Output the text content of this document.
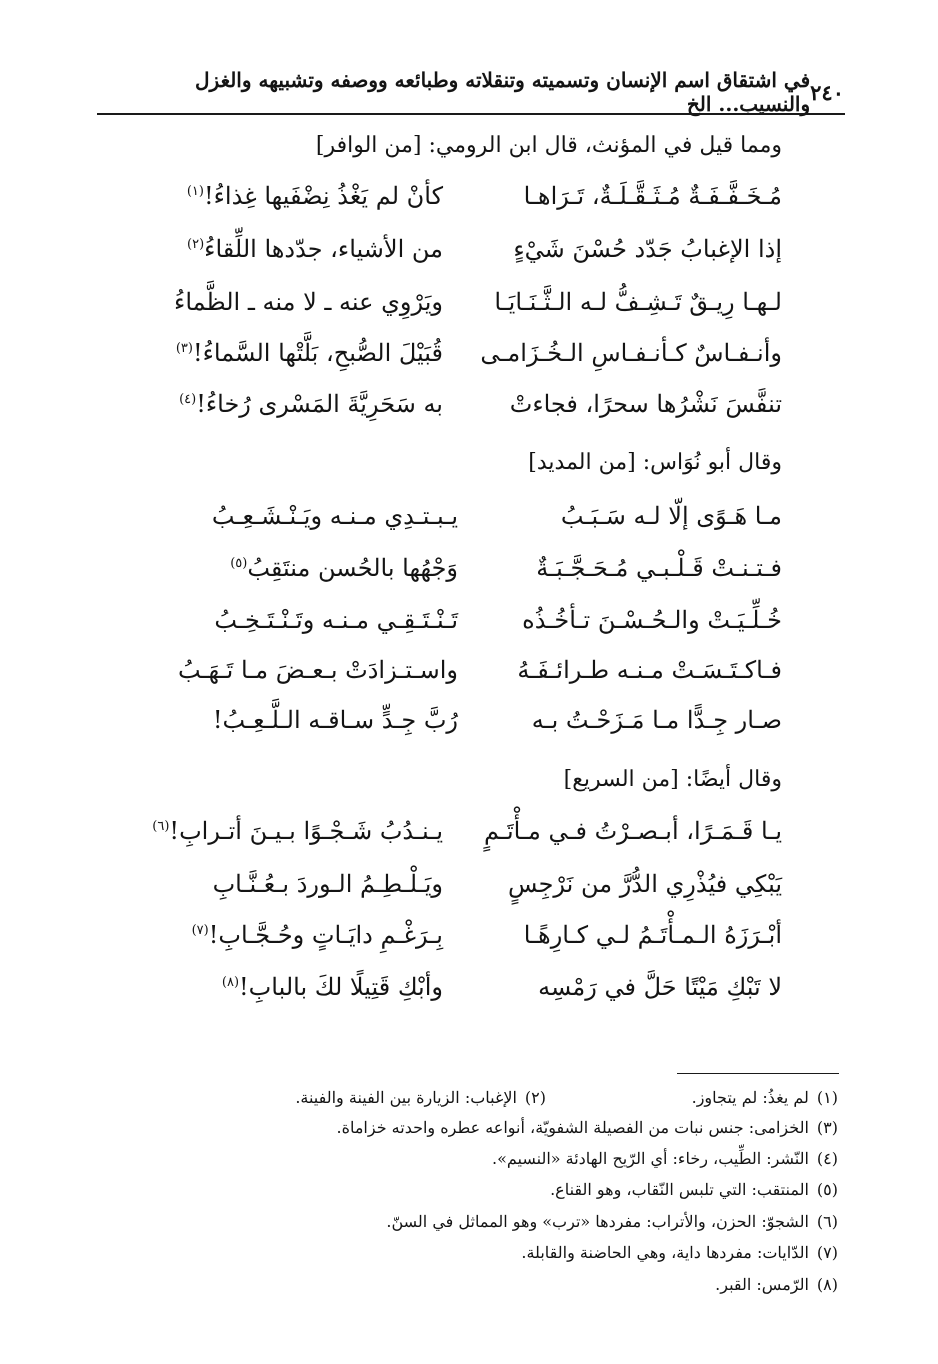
٢٤٠
في اشتقاق اسم الإنسان وتسميته وتنقلاته وطبائعه ووصفه وتشبيهه والغزل والنسيب... الخ
ومما قيل في المؤنث، قال ابن الرومي: [من الوافر]
مُـخَـفَّـفَـةٌ مُـثَـقَّـلَـةٌ، تَـرَاهـا
كأنْ لم يَغْذُ نِضْفَيها غِذاءُ!$^{(١)}$
إذا الإغبابُ جَدّد حُسْنَ شَيْءٍ
من الأشياء، جدّدها اللِّقاءُ$^{(٢)}$
لـهـا رِيـقٌ تَـشِـفُّ لـه الـثَّـنَـايَـا
ويَرْوِي عنه ـ لا منه ـ الظَّماءُ
وأنـفـاسٌ كـأنـفـاسِ الـخُـزَامـى
قُبَيْلَ الصُّبحِ، بَلَّتْها السَّماءُ!$^{(٣)}$
تنفَّسَ نَشْرُها سحرًا، فجاءتْ
به سَحَرِيَّةَ المَسْرى رُخاءُ!$^{(٤)}$
وقال أبو نُوَاس: [من المديد]
مـا هَـوًى إلّا لـه سَـبَـبُ
يـبـتـدِي مـنـه ويَـنْـشَـعِـبُ
فـتـنـتْ قَـلْـبـي مُـحَـجَّـبَـةٌ
وَجْهُها بالحُسن منتَقِبُ$^{(٥)}$
خُـلِّـيَـتْ والـحُـسْـنَ تـأخُـذُه
تَـنْـتَـقِـي مـنـه وتَـنْـتَـخِـبُ
فـاكـتَـسَـتْ مـنـه طـرائـفَـهُ
واسـتـزادَتْ بـعـضَ مـا تَـهَـبُ
صـار جِـدًّا مـا مَـزَحْـتُ بـه
رُبَّ جِـدٍّ سـاقـه الـلَّـعِـبُ!
وقال أيضًا: [من السريع]
يـا قَـمَـرًا، أبـصـرْتُ فـي مـأْتَـمٍ
يـنـدُبُ شَـجْـوًا بـيـنَ أتـرابِ!$^{(٦)}$
يَبْكِي فيُذْرِي الدُّرَّ من نَرْجِسٍ
ويَـلْـطِـمُ الـوردَ بـعُـنَّـابِ
أبْـرَزَهُ الـمـأْتَـمُ لـي كـارِهًـا
بِـرَغْـمِ دايَـاتٍ وحُـجَّـابِ!$^{(٧)}$
لا تَبْكِ مَيْتًا حَلَّ في رَمْسِه
وأبْكِ قَتِيلًا لكَ بالبابِ!$^{(٨)}$
(١)لم يغذُ: لم يتجاوز.
(٢)الإغباب: الزيارة بين الفينة والفينة.
(٣)الخزامى: جنس نبات من الفصيلة الشفويّة، أنواعه عطره واحدته خزاماة.
(٤)النّشر: الطِّيب، رخاء: أي الرّيح الهادئة «النسيم».
(٥)المنتقب: التي تلبس النّقاب، وهو القناع.
(٦)الشجوّ: الحزن، والأتراب: مفردها «ترب» وهو المماثل في السنّ.
(٧)الدّايات: مفردها داية، وهي الحاضنة والقابلة.
(٨)الرّمس: القبر.
